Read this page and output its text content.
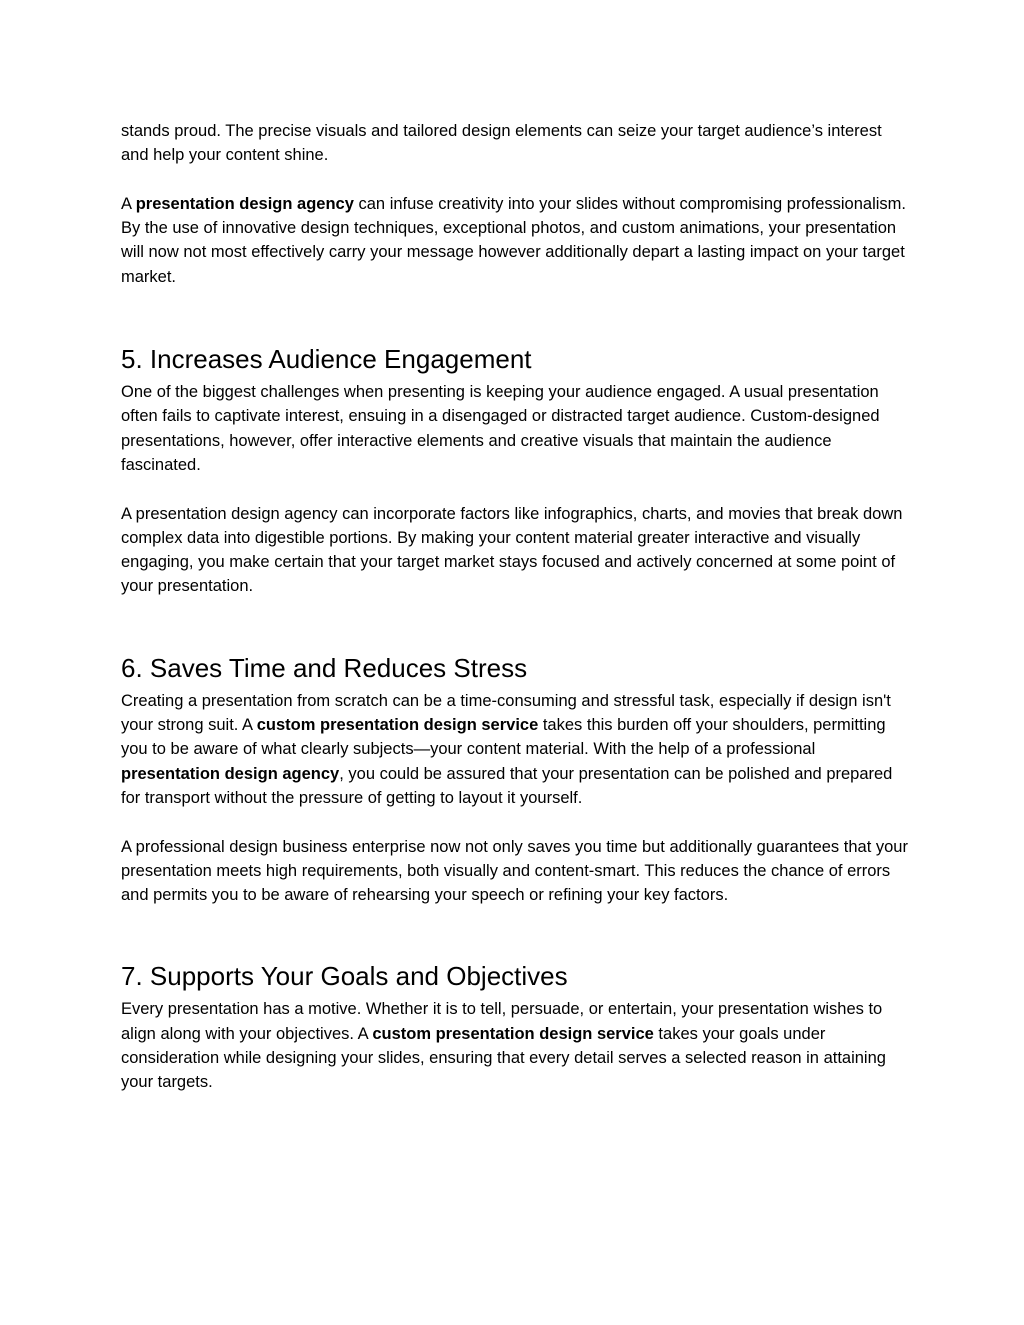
stands proud. The precise visuals and tailored design elements can seize your target audience’s interest and help your content shine.

A presentation design agency can infuse creativity into your slides without compromising professionalism. By the use of innovative design techniques, exceptional photos, and custom animations, your presentation will now not most effectively carry your message however additionally depart a lasting impact on your target market.

5. Increases Audience Engagement

One of the biggest challenges when presenting is keeping your audience engaged. A usual presentation often fails to captivate interest, ensuing in a disengaged or distracted target audience. Custom-designed presentations, however, offer interactive elements and creative visuals that maintain the audience fascinated.

A presentation design agency can incorporate factors like infographics, charts, and movies that break down complex data into digestible portions. By making your content material greater interactive and visually engaging, you make certain that your target market stays focused and actively concerned at some point of your presentation.

6. Saves Time and Reduces Stress

Creating a presentation from scratch can be a time-consuming and stressful task, especially if design isn't your strong suit. A custom presentation design service takes this burden off your shoulders, permitting you to be aware of what clearly subjects—your content material. With the help of a professional presentation design agency, you could be assured that your presentation can be polished and prepared for transport without the pressure of getting to layout it yourself.

A professional design business enterprise now not only saves you time but additionally guarantees that your presentation meets high requirements, both visually and content-smart. This reduces the chance of errors and permits you to be aware of rehearsing your speech or refining your key factors.

7. Supports Your Goals and Objectives

Every presentation has a motive. Whether it is to tell, persuade, or entertain, your presentation wishes to align along with your objectives. A custom presentation design service takes your goals under consideration while designing your slides, ensuring that every detail serves a selected reason in attaining your targets.
